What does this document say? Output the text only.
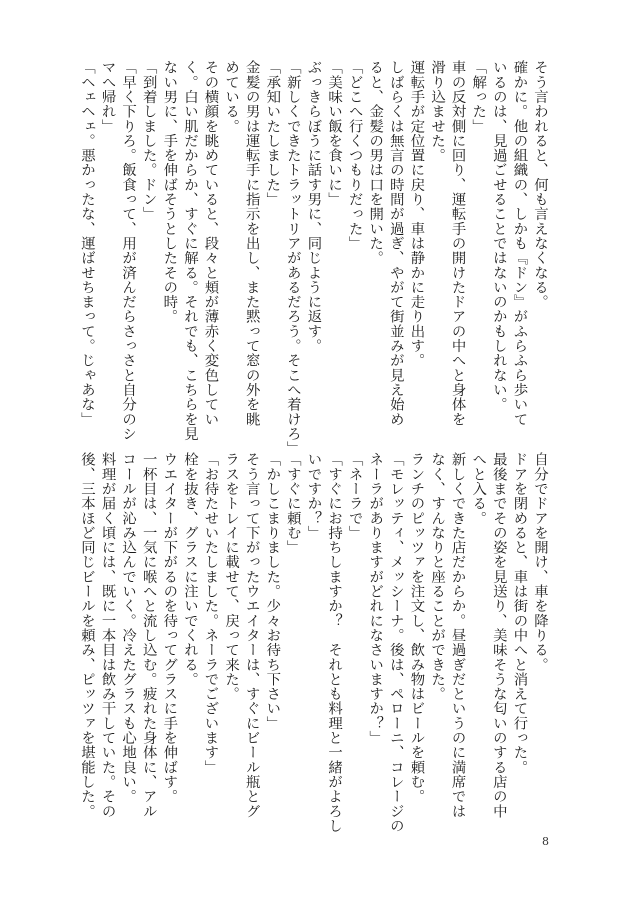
そう言われると、何も言えなくなる。
確かに。他の組織の、しかも『ドン』がふらふら歩いて
いるのは、見過ごせることではないのかもしれない。
「解った」
車の反対側に回り、運転手の開けたドアの中へと身体を
滑り込ませた。
運転手が定位置に戻り、車は静かに走り出す。
しばらくは無言の時間が過ぎ、やがて街並みが見え始め
ると、金髪の男は口を開いた。
「どこへ行くつもりだった」
「美味い飯を食いに」
ぶっきらぼうに話す男に、同じように返す。
「新しくできたトラットリアがあるだろう。そこへ着けろ」
「承知いたしました」
金髪の男は運転手に指示を出し、また黙って窓の外を眺
めている。
その横顔を眺めていると、段々と頬が薄赤く変色してい
く。白い肌だからか、すぐに解る。それでも、こちらを見
ない男に、手を伸ばそうとしたその時。
「到着しました。ドン」
「早く下りろ。飯食って、用が済んだらさっさと自分のシ
マへ帰れ」
「ヘェヘェ。悪かったな、運ばせちまって。じゃあな」
自分でドアを開け、車を降りる。
ドアを閉めると、車は街の中へと消えて行った。
最後までその姿を見送り、美味そうな匂いのする店の中
へと入る。
新しくできた店だからか。昼過ぎだというのに満席では
なく、すんなりと座ることができた。
ランチのピッツァを注文し、飲み物はビールを頼む。
「モレッティ、メッシーナ。後は、ペローニ、コレージの
ネーラがありますがどれになさいますか？」
「ネーラで」
「すぐにお持ちしますか？　それとも料理と一緒がよろし
いですか？」
「すぐに頼む」
「かしこまりました。少々お待ち下さい」
そう言って下がったウエイターは、すぐにビール瓶とグ
ラスをトレイに載せて、戻って来た。
「お待たせいたしました。ネーラでございます」
栓を抜き、グラスに注いでくれる。
ウエイターが下がるのを待ってグラスに手を伸ばす。
一杯目は、一気に喉へと流し込む。疲れた身体に、アル
コールが沁み込んでいく。冷えたグラスも心地良い。
料理が届く頃には、既に一本目は飲み干していた。その
後、三本ほど同じビールを頼み、ピッツァを堪能した。
8
